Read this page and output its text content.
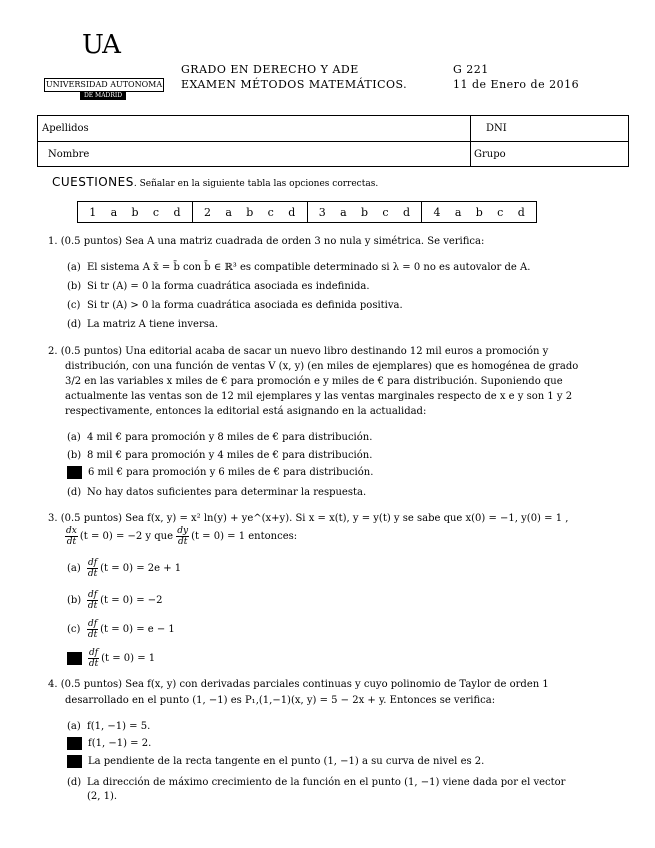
UA
UNIVERSIDAD AUTONOMA
DE MADRID
GRADO EN DERECHO Y ADE
EXAMEN MÉTODOS MATEMÁTICOS.
G 221
11 de Enero de 2016
Apellidos	DNI
Nombre	Grupo
CUESTIONES. Señalar en la siguiente tabla las opciones correctas.
1 a b c d 2 a b c d 3 a b c d 4 a b c d
1. (0.5 puntos) Sea A una matriz cuadrada de orden 3 no nula y simétrica. Se verifica:
(a) El sistema A x̄ = b̄ con b̄ ∈ ℝ³ es compatible determinado si λ = 0 no es autovalor de A.
(b) Si tr (A) = 0 la forma cuadrática asociada es indefinida.
(c) Si tr (A) > 0 la forma cuadrática asociada es definida positiva.
(d) La matriz A tiene inversa.
2. (0.5 puntos) Una editorial acaba de sacar un nuevo libro destinando 12 mil euros a promoción y
distribución, con una función de ventas V (x, y) (en miles de ejemplares) que es homogénea de grado
3/2 en las variables x miles de € para promoción e y miles de € para distribución. Suponiendo que
actualmente las ventas son de 12 mil ejemplares y las ventas marginales respecto de x e y son 1 y 2
respectivamente, entonces la editorial está asignando en la actualidad:
(a) 4 mil € para promoción y 8 miles de € para distribución.
(b) 8 mil € para promoción y 4 miles de € para distribución.
6 mil € para promoción y 6 miles de € para distribución.
(d) No hay datos suficientes para determinar la respuesta.
3. (0.5 puntos) Sea f(x, y) = x² ln(y) + ye^(x+y). Si x = x(t), y = y(t) y se sabe que x(0) = −1, y(0) = 1 ,
$\frac{dx}{dt} (t = 0) = -2$ y que $\frac{dy}{dt} (t = 0) = 1$ entonces:
$(a) \frac{df}{dt} (t = 0) = 2e + 1$
$(b) \frac{df}{dt} (t = 0) = -2$
$(c) \frac{df}{dt} (t = 0) = e - 1$
$\frac{df}{dt} (t = 0) = 1$
4. (0.5 puntos) Sea f(x, y) con derivadas parciales continuas y cuyo polinomio de Taylor de orden 1
desarrollado en el punto (1, −1) es P₁,(1,−1)(x, y) = 5 − 2x + y. Entonces se verifica:
(a) f(1, −1) = 5.
f(1, −1) = 2.
La pendiente de la recta tangente en el punto (1, −1) a su curva de nivel es 2.
(d) La dirección de máximo crecimiento de la función en el punto (1, −1) viene dada por el vector
(2, 1).
